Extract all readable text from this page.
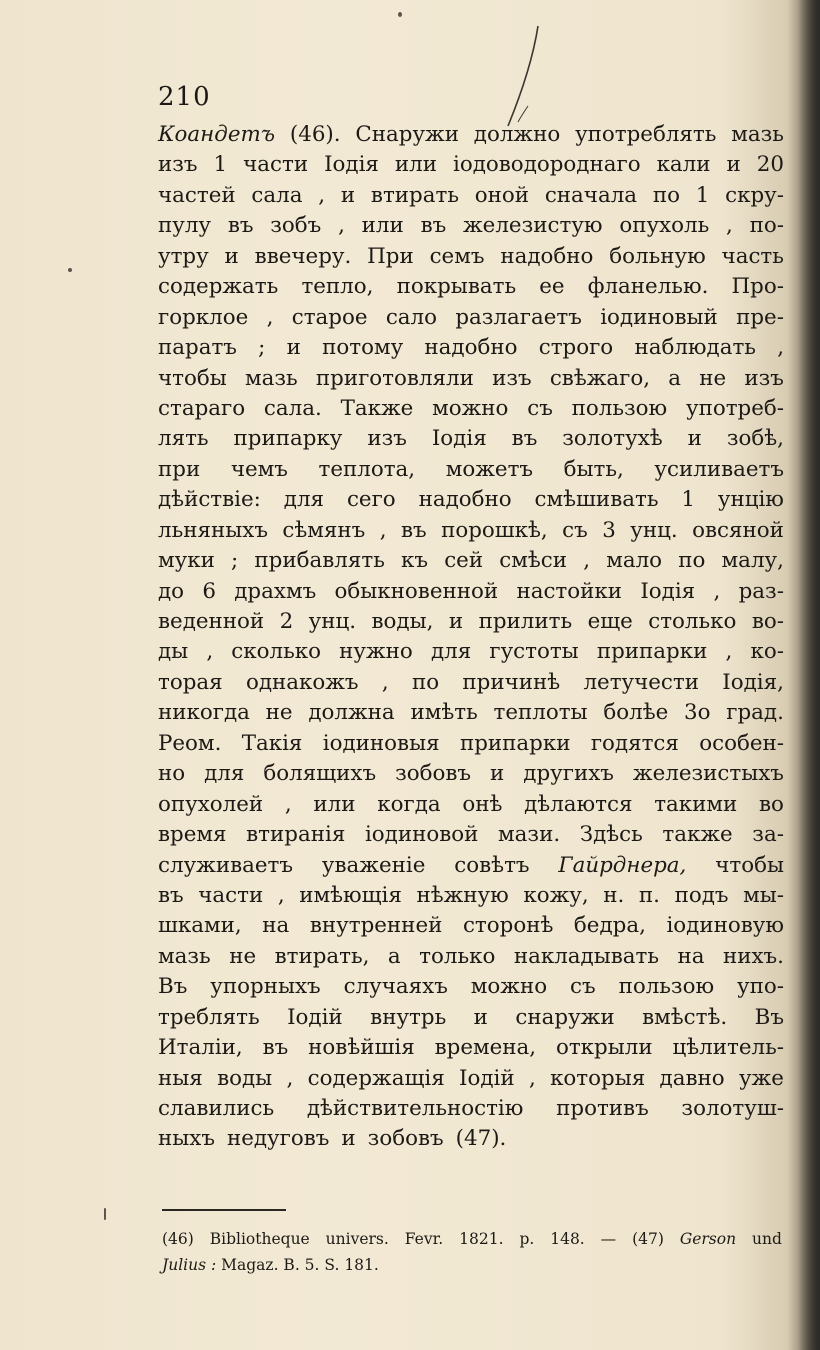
210
Коандетъ (46). Снаружи должно употреблять мазь
изъ 1 части Іодія или іодоводороднаго кали и 20
частей сала , и втирать оной сначала по 1 скру-
пулу въ зобъ , или въ железистую опухоль , по-
утру и ввечеру. При семъ надобно больную часть
содержать тепло, покрывать ее фланелью. Про-
горклое , старое сало разлагаетъ іодиновый пре-
паратъ ; и потому надобно строго наблюдать ,
чтобы мазь приготовляли изъ свѣжаго, а не изъ
стараго сала. Также можно съ пользою употреб-
лять припарку изъ Іодія въ золотухѣ и зобѣ,
при чемъ теплота, можетъ быть, усиливаетъ
дѣйствіе: для сего надобно смѣшивать 1 унцію
льняныхъ сѣмянъ , въ порошкѣ, съ 3 унц. овсяной
муки ; прибавлять къ сей смѣси , мало по малу,
до 6 драхмъ обыкновенной настойки Іодія , раз-
веденной 2 унц. воды, и прилить еще столько во-
ды , сколько нужно для густоты припарки , ко-
торая однакожъ , по причинѣ летучести Іодія,
никогда не должна имѣть теплоты болѣе 3о град.
Реом. Такія іодиновыя припарки годятся особен-
но для болящихъ зобовъ и другихъ железистыхъ
опухолей , или когда онѣ дѣлаются такими во
время втиранія іодиновой мази. Здѣсь также за-
служиваетъ уваженіе совѣтъ Гайрднера, чтобы
въ части , имѣющія нѣжную кожу, н. п. подъ мы-
шками, на внутренней сторонѣ бедра, іодиновую
мазь не втирать, а только накладывать на нихъ.
Въ упорныхъ случаяхъ можно съ пользою упо-
треблять Іодій внутрь и снаружи вмѣстѣ. Въ
Италіи, въ новѣйшія времена, открыли цѣлитель-
ныя воды , содержащія Іодій , которыя давно уже
славились дѣйствительностію противъ золотуш-
ныхъ недуговъ и зобовъ (47).
(46) Bibliotheque univers. Fevr. 1821. p. 148. — (47) Gerson und
Julius : Magaz. B. 5. S. 181.
